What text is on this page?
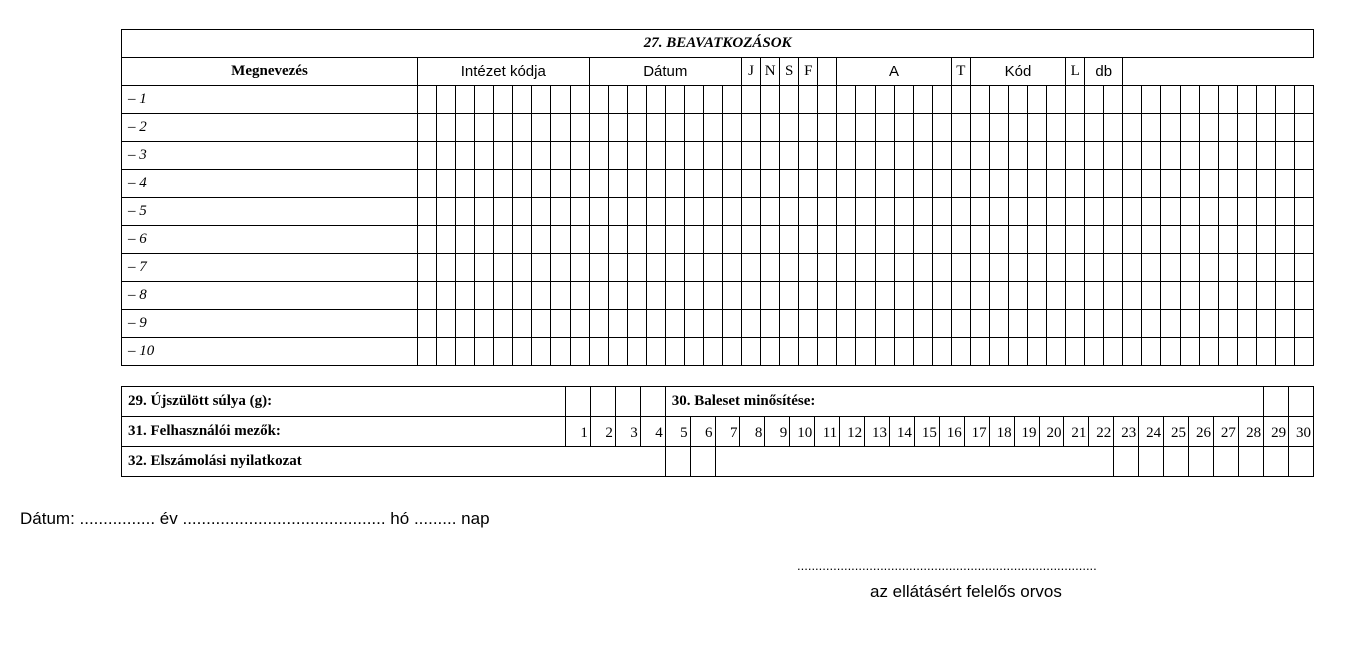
27. BEAVATKOZÁSOK																																															
Megnevezés	Intézet kódja									Dátum								J	N	S	F		A						T	Kód					L	db											
– 1																																															
– 2																																															
– 3																																															
– 4																																															
– 5																																															
– 6																																															
– 7																																															
– 8																																															
– 9																																															
– 10																																															
29. Újszülött súlya (g):					30. Baleset minősítése:																									
31. Felhasználói mezők:	1	2	3	4	5	6	7	8	9	10	11	12	13	14	15	16	17	18	19	20	21	22	23	24	25	26	27	28	29	30
32. Elszámolási nyilatkozat																														
Dátum: ................ év ........................................... hó ......... nap
...................................................................................
az ellátásért felelős orvos
